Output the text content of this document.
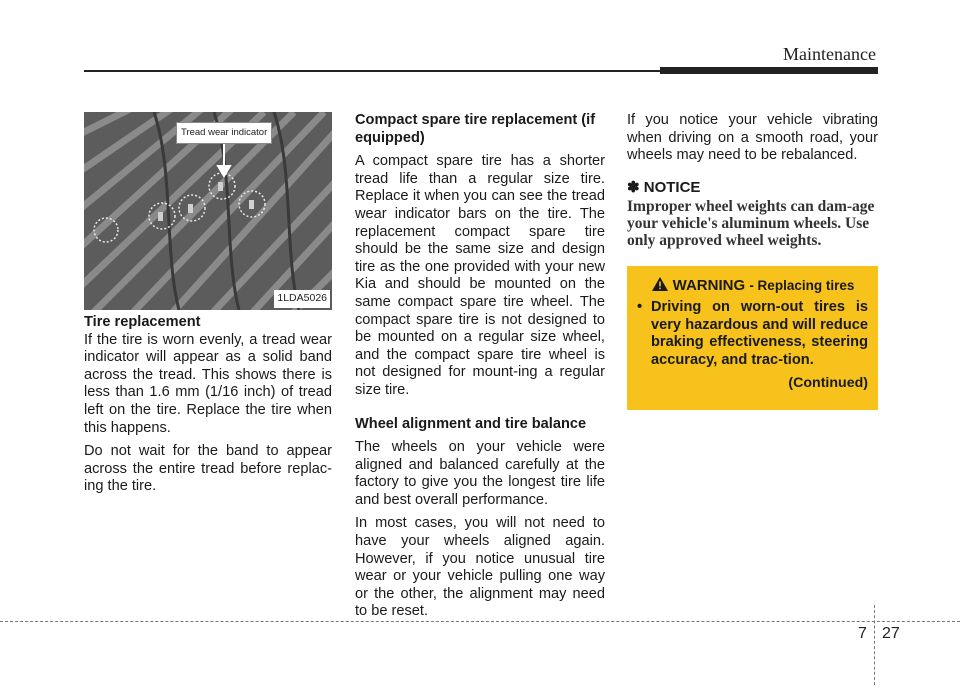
Maintenance
Tread wear indicator
1LDA5026
Tire replacement

If the tire is worn evenly, a tread wear indicator will appear as a solid band across the tread. This shows there is less than 1.6 mm (1/16 inch) of tread left on the tire. Replace the tire when this happens.

Do not wait for the band to appear across the entire tread before replac-ing the tire.

Compact spare tire replacement (if equipped)

A compact spare tire has a shorter tread life than a regular size tire. Replace it when you can see the tread wear indicator bars on the tire. The replacement compact spare tire should be the same size and design tire as the one provided with your new Kia and should be mounted on the same compact spare tire wheel. The compact spare tire is not designed to be mounted on a regular size wheel, and the compact spare tire wheel is not designed for mount-ing a regular size tire.

Wheel alignment and tire balance

The wheels on your vehicle were aligned and balanced carefully at the factory to give you the longest tire life and best overall performance.

In most cases, you will not need to have your wheels aligned again. However, if you notice unusual tire wear or your vehicle pulling one way or the other, the alignment may need to be reset.

If you notice your vehicle vibrating when driving on a smooth road, your wheels may need to be rebalanced.

✽ NOTICE

Improper wheel weights can dam-age your vehicle's aluminum wheels. Use only approved wheel weights.

WARNING - Replacing tires
• Driving on worn-out tires is very hazardous and will reduce braking effectiveness, steering accuracy, and trac-tion.
(Continued)
7 27
